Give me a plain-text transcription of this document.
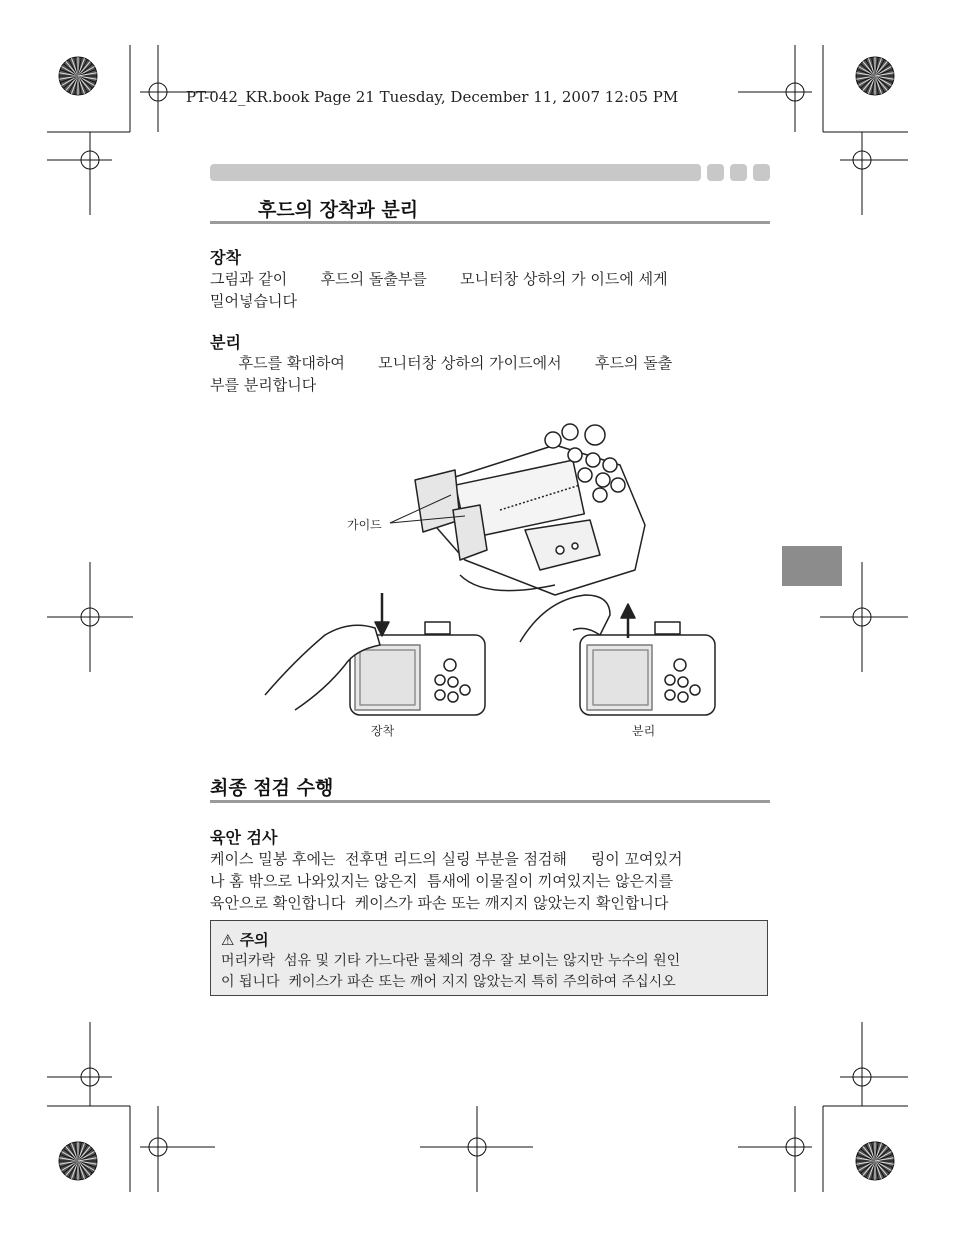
PT-042_KR.book Page 21 Tuesday, December 11, 2007 12:05 PM
후드의 장착과 분리
장착
그림과 같이       후드의 돌출부를       모니터창 상하의 가 이드에 세게
밀어넣습니다
분리
후드를 확대하여       모니터창 상하의 가이드에서       후드의 돌출
부를 분리합니다
가이드
장착	분리
최종 점검 수행
육안 검사
케이스 밀봉 후에는  전후면 리드의 실링 부분을 점검해     링이 꼬여있거
나 홈 밖으로 나와있지는 않은지  틈새에 이물질이 끼여있지는 않은지를
육안으로 확인합니다  케이스가 파손 또는 깨지지 않았는지 확인합니다
⚠ 주의
머리카락  섬유 및 기타 가느다란 물체의 경우 잘 보이는 않지만 누수의 원인
이 됩니다  케이스가 파손 또는 깨어 지지 않았는지 특히 주의하여 주십시오
